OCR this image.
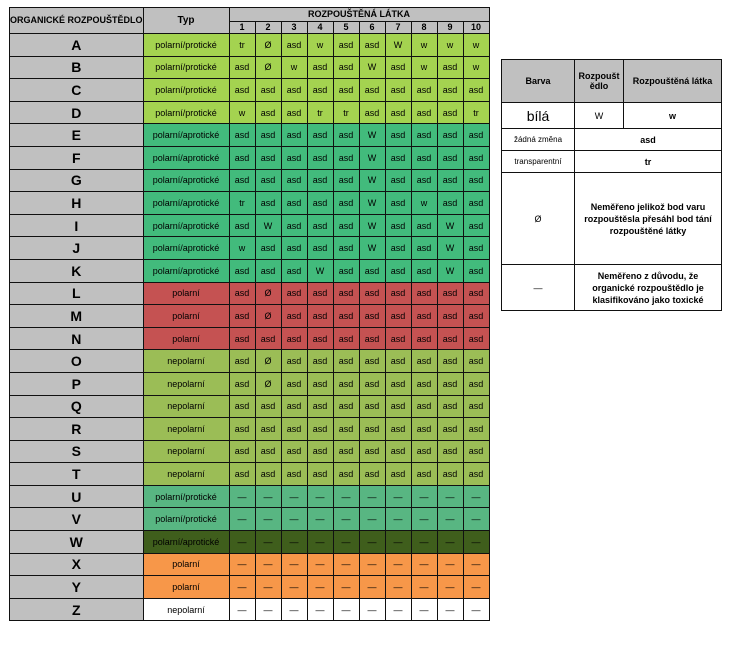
ORGANICKÉ ROZPOUŠTĚDLO	Typ	ROZPOUŠTĚNÁ LÁTKA									
		1	2	3	4	5	6	7	8	9	10
A	polarní/protické	tr	Ø	asd	w	asd	asd	W	w	w	w
B	polarní/protické	asd	Ø	w	asd	asd	W	asd	w	asd	w
C	polarní/protické	asd	asd	asd	asd	asd	asd	asd	asd	asd	asd
D	polarní/protické	w	asd	asd	tr	tr	asd	asd	asd	asd	tr
E	polarní/aprotické	asd	asd	asd	asd	asd	W	asd	asd	asd	asd
F	polarní/aprotické	asd	asd	asd	asd	asd	W	asd	asd	asd	asd
G	polarní/aprotické	asd	asd	asd	asd	asd	W	asd	asd	asd	asd
H	polarní/aprotické	tr	asd	asd	asd	asd	W	asd	w	asd	asd
I	polarní/aprotické	asd	W	asd	asd	asd	W	asd	asd	W	asd
J	polarní/aprotické	w	asd	asd	asd	asd	W	asd	asd	W	asd
K	polarní/aprotické	asd	asd	asd	W	asd	asd	asd	asd	W	asd
L	polarní	asd	Ø	asd	asd	asd	asd	asd	asd	asd	asd
M	polarní	asd	Ø	asd	asd	asd	asd	asd	asd	asd	asd
N	polarní	asd	asd	asd	asd	asd	asd	asd	asd	asd	asd
O	nepolarní	asd	Ø	asd	asd	asd	asd	asd	asd	asd	asd
P	nepolarní	asd	Ø	asd	asd	asd	asd	asd	asd	asd	asd
Q	nepolarní	asd	asd	asd	asd	asd	asd	asd	asd	asd	asd
R	nepolarní	asd	asd	asd	asd	asd	asd	asd	asd	asd	asd
S	nepolarní	asd	asd	asd	asd	asd	asd	asd	asd	asd	asd
T	nepolarní	asd	asd	asd	asd	asd	asd	asd	asd	asd	asd
U	polarní/protické	—	—	—	—	—	—	—	—	—	—
V	polarní/protické	—	—	—	—	—	—	—	—	—	—
W	polarní/aprotické	—	—	—	—	—	—	—	—	—	—
X	polarní	—	—	—	—	—	—	—	—	—	—
Y	polarní	—	—	—	—	—	—	—	—	—	—
Z	nepolarní	—	—	—	—	—	—	—	—	—	—
Barva	Rozpouštědlo	Rozpouštěná látka
bílá	W	w
žádná změna	asd	
transparentní	tr	
Ø	Neměřeno jelikož bod varu rozpouštěsla přesáhl bod tání rozpouštěné látky	
—	Neměřeno z důvodu, že organické rozpouštědlo je klasifikováno jako toxické	
